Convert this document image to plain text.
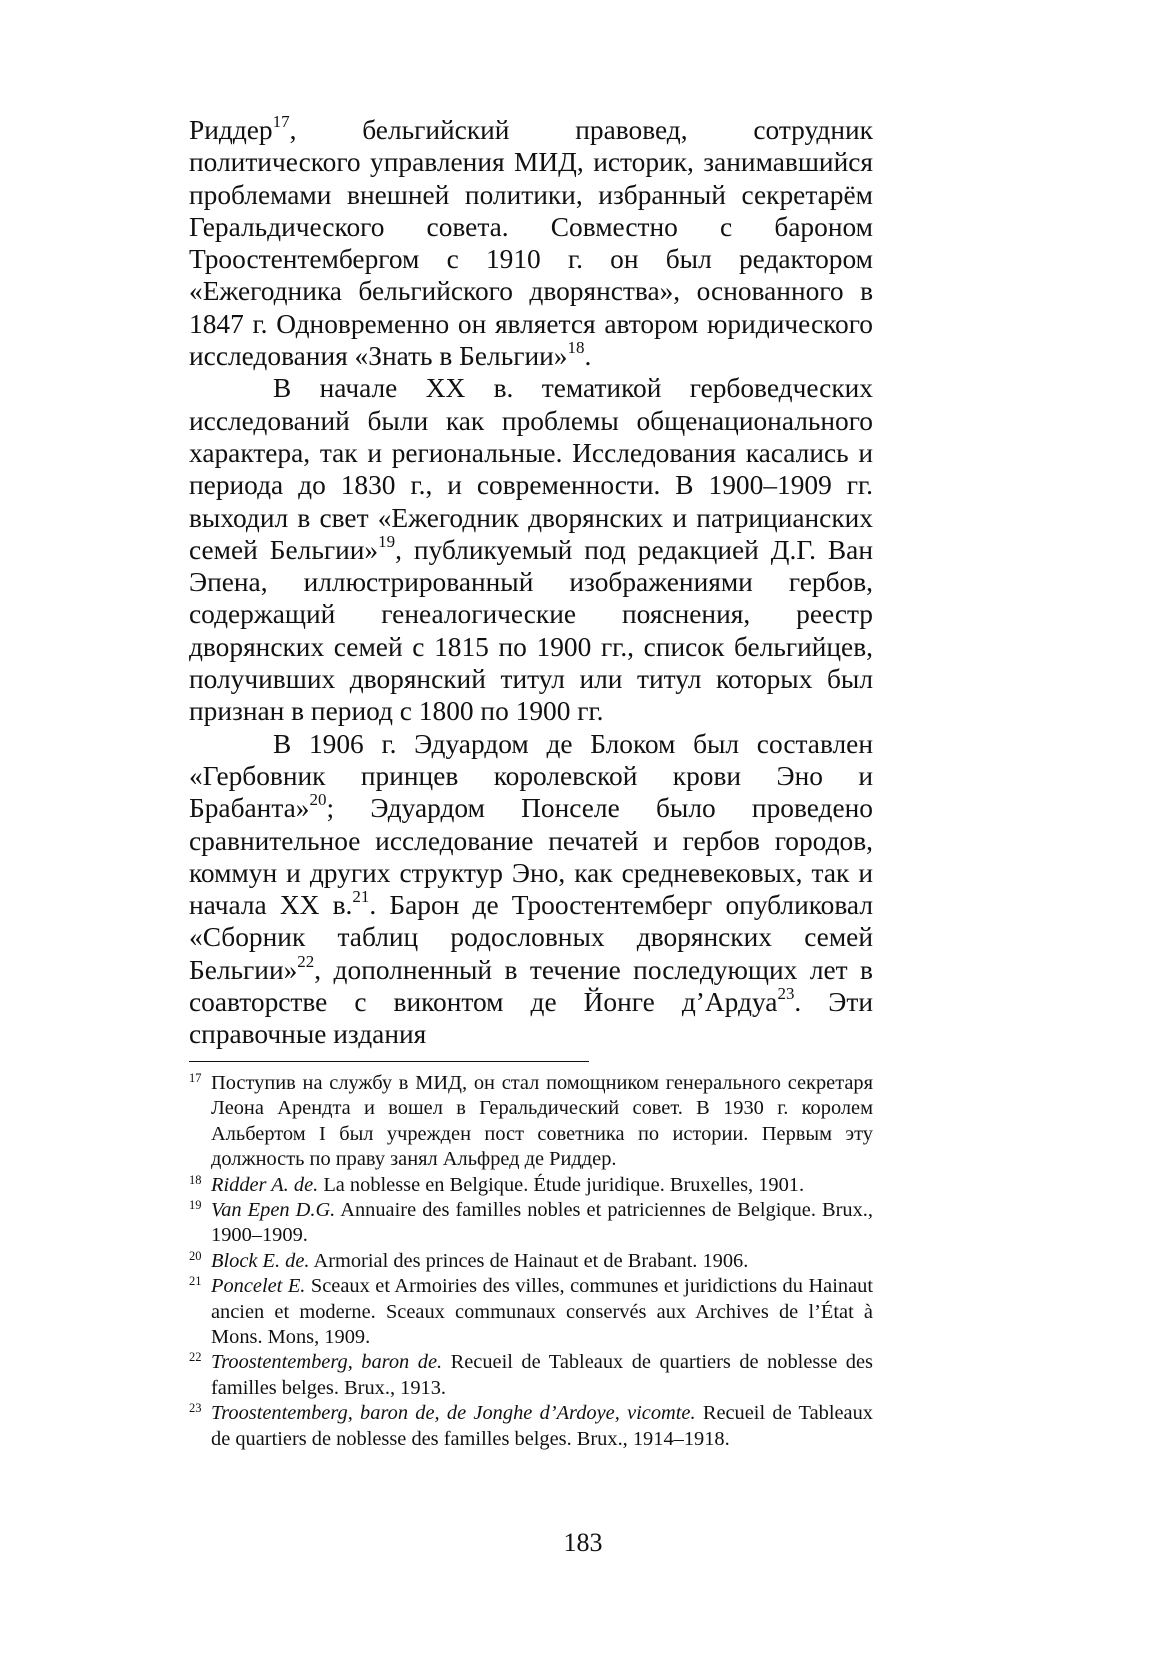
Риддер$^{17}$, бельгийский правовед, сотрудник политического управления МИД, историк, занимавшийся проблемами внешней политики, избранный секретарём Геральдического совета. Совместно с бароном Троостентембергом с 1910 г. он был редактором «Ежегодника бельгийского дворянства», основанного в 1847 г. Одновременно он является автором юридического исследования «Знать в Бельгии»$^{18}$.

В начале XX в. тематикой гербоведческих исследований были как проблемы общенационального характера, так и региональные. Исследования касались и периода до 1830 г., и современности. В 1900–1909 гг. выходил в свет «Ежегодник дворянских и патрицианских семей Бельгии»$^{19}$, публикуемый под редакцией Д.Г. Ван Эпена, иллюстрированный изображениями гербов, содержащий генеалогические пояснения, реестр дворянских семей с 1815 по 1900 гг., список бельгийцев, получивших дворянский титул или титул которых был признан в период с 1800 по 1900 гг.

В 1906 г. Эдуардом де Блоком был составлен «Гербовник принцев королевской крови Эно и Брабанта»$^{20}$; Эдуардом Понселе было проведено сравнительное исследование печатей и гербов городов, коммун и других структур Эно, как средневековых, так и начала XX в.$^{21}$. Барон де Троостентемберг опубликовал «Сборник таблиц родословных дворянских семей Бельгии»$^{22}$, дополненный в течение последующих лет в соавторстве с виконтом де Йонге д’Ардуа$^{23}$. Эти справочные издания

17 Поступив на службу в МИД, он стал помощником генерального секретаря Леона Арендта и вошел в Геральдический совет. В 1930 г. королем Альбертом I был учрежден пост советника по истории. Первым эту должность по праву занял Альфред де Риддер.

18 Ridder A. de. La noblesse en Belgique. Étude juridique. Bruxelles, 1901.

19 Van Epen D.G. Annuaire des familles nobles et patriciennes de Belgique. Brux., 1900–1909.

20 Block E. de. Armorial des princes de Hainaut et de Brabant. 1906.

21 Poncelet E. Sceaux et Armoiries des villes, communes et juridictions du Hainaut ancien et moderne. Sceaux communaux conservés aux Archives de l’État à Mons. Mons, 1909.

22 Troostentemberg, baron de. Recueil de Tableaux de quartiers de noblesse des familles belges. Brux., 1913.

23 Troostentemberg, baron de, de Jonghe d’Ardoye, vicomte. Recueil de Tableaux de quartiers de noblesse des familles belges. Brux., 1914–1918.

183
